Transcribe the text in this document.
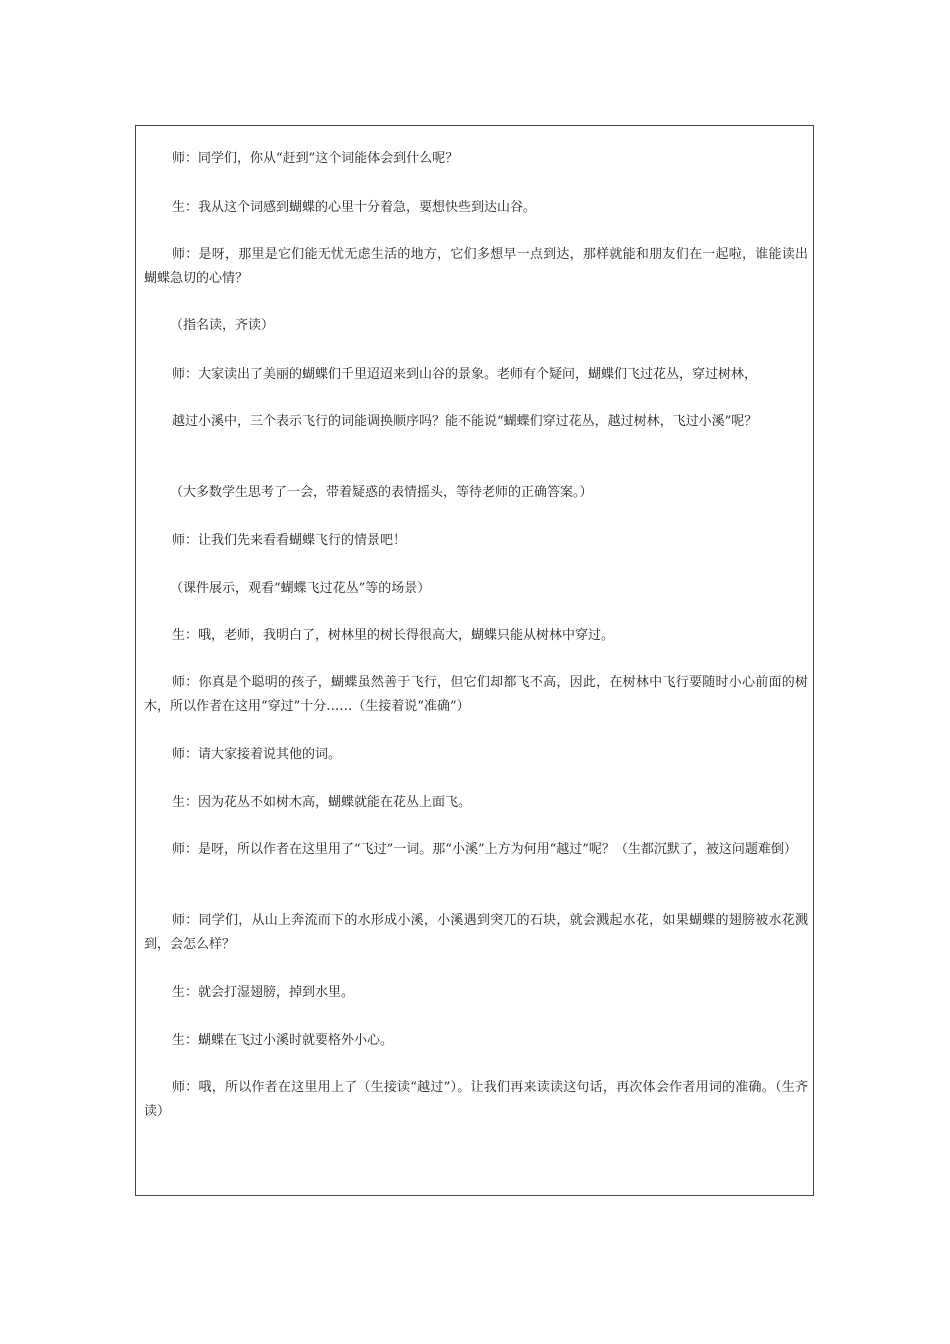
师：同学们，你从“赶到”这个词能体会到什么呢？

生：我从这个词感到蝴蝶的心里十分着急，要想快些到达山谷。

师：是呀，那里是它们能无忧无虑生活的地方，它们多想早一点到达，那样就能和朋友们在一起啦，谁能读出蝴蝶急切的心情？

（指名读，齐读）

师：大家读出了美丽的蝴蝶们千里迢迢来到山谷的景象。老师有个疑问，蝴蝶们飞过花丛，穿过树林，

越过小溪中，三个表示飞行的词能调换顺序吗？能不能说“蝴蝶们穿过花丛，越过树林，飞过小溪”呢？

（大多数学生思考了一会，带着疑惑的表情摇头，等待老师的正确答案。）

师：让我们先来看看蝴蝶飞行的情景吧！

（课件展示，观看“蝴蝶飞过花丛”等的场景）

生：哦，老师，我明白了，树林里的树长得很高大，蝴蝶只能从树林中穿过。

师：你真是个聪明的孩子，蝴蝶虽然善于飞行，但它们却都飞不高，因此，在树林中飞行要随时小心前面的树木，所以作者在这用“穿过”十分……（生接着说“准确”）

师：请大家接着说其他的词。

生：因为花丛不如树木高，蝴蝶就能在花丛上面飞。

师：是呀，所以作者在这里用了“飞过”一词。那“小溪”上方为何用“越过”呢？（生都沉默了，被这问题难倒）

师：同学们，从山上奔流而下的水形成小溪，小溪遇到突兀的石块，就会溅起水花，如果蝴蝶的翅膀被水花溅到，会怎么样？

生：就会打湿翅膀，掉到水里。

生：蝴蝶在飞过小溪时就要格外小心。

师：哦，所以作者在这里用上了（生接读“越过”）。让我们再来读读这句话，再次体会作者用词的准确。（生齐读）
